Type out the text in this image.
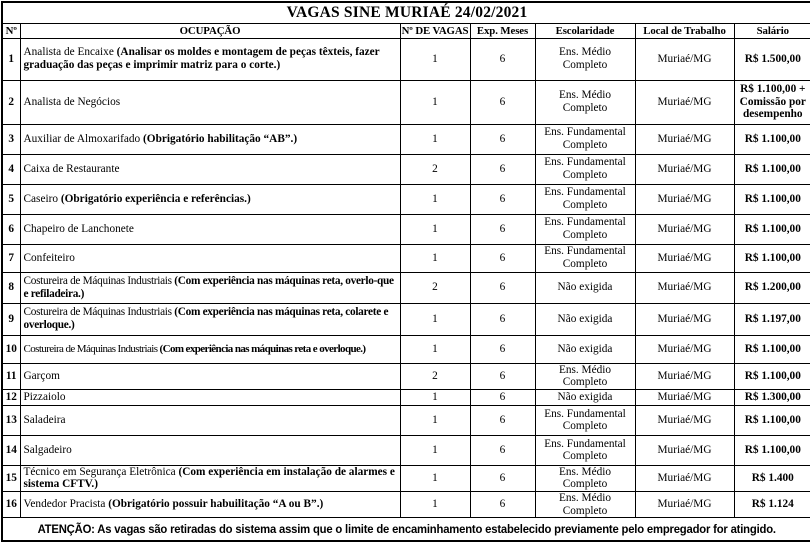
VAGAS SINE MURIAÉ 24/02/2021						
Nº	OCUPAÇÃO	Nº DE VAGAS	Exp. Meses	Escolaridade	Local de Trabalho	Salário
1	Analista de Encaixe (Analisar os moldes e montagem de peças têxteis, fazer graduação das peças e imprimir matriz para o corte.)	1	6	Ens. Médio Completo	Muriaé/MG	R$ 1.500,00
2	Analista de Negócios	1	6	Ens. Médio Completo	Muriaé/MG	R$ 1.100,00 + Comissão por desempenho
3	Auxiliar de Almoxarifado (Obrigatório habilitação “AB”.)	1	6	Ens. Fundamental Completo	Muriaé/MG	R$ 1.100,00
4	Caixa de Restaurante	2	6	Ens. Fundamental Completo	Muriaé/MG	R$ 1.100,00
5	Caseiro (Obrigatório experiência e referências.)	1	6	Ens. Fundamental Completo	Muriaé/MG	R$ 1.100,00
6	Chapeiro de Lanchonete	1	6	Ens. Fundamental Completo	Muriaé/MG	R$ 1.100,00
7	Confeiteiro	1	6	Ens. Fundamental Completo	Muriaé/MG	R$ 1.100,00
8	Costureira de Máquinas Industriais (Com experiência nas máquinas reta, overlo-que e refiladeira.)	2	6	Não exigida	Muriaé/MG	R$ 1.200,00
9	Costureira de Máquinas Industriais (Com experiência nas máquinas reta, colarete e overloque.)	1	6	Não exigida	Muriaé/MG	R$ 1.197,00
10	Costureira de Máquinas Industriais (Com experiência nas máquinas reta e overloque.)	1	6	Não exigida	Muriaé/MG	R$ 1.100,00
11	Garçom	2	6	Ens. Médio Completo	Muriaé/MG	R$ 1.100,00
12	Pizzaiolo	1	6	Não exigida	Muriaé/MG	R$ 1.300,00
13	Saladeira	1	6	Ens. Fundamental Completo	Muriaé/MG	R$ 1.100,00
14	Salgadeiro	1	6	Ens. Fundamental Completo	Muriaé/MG	R$ 1.100,00
15	Técnico em Segurança Eletrônica (Com experiência em instalação de alarmes e sistema CFTV.)	1	6	Ens. Médio Completo	Muriaé/MG	R$ 1.400
16	Vendedor Pracista (Obrigatório possuir habuilitação “A ou B”.)	1	6	Ens. Médio Completo	Muriaé/MG	R$ 1.124
ATENÇÃO: As vagas são retiradas do sistema assim que o limite de encaminhamento estabelecido previamente pelo empregador for atingido.						
